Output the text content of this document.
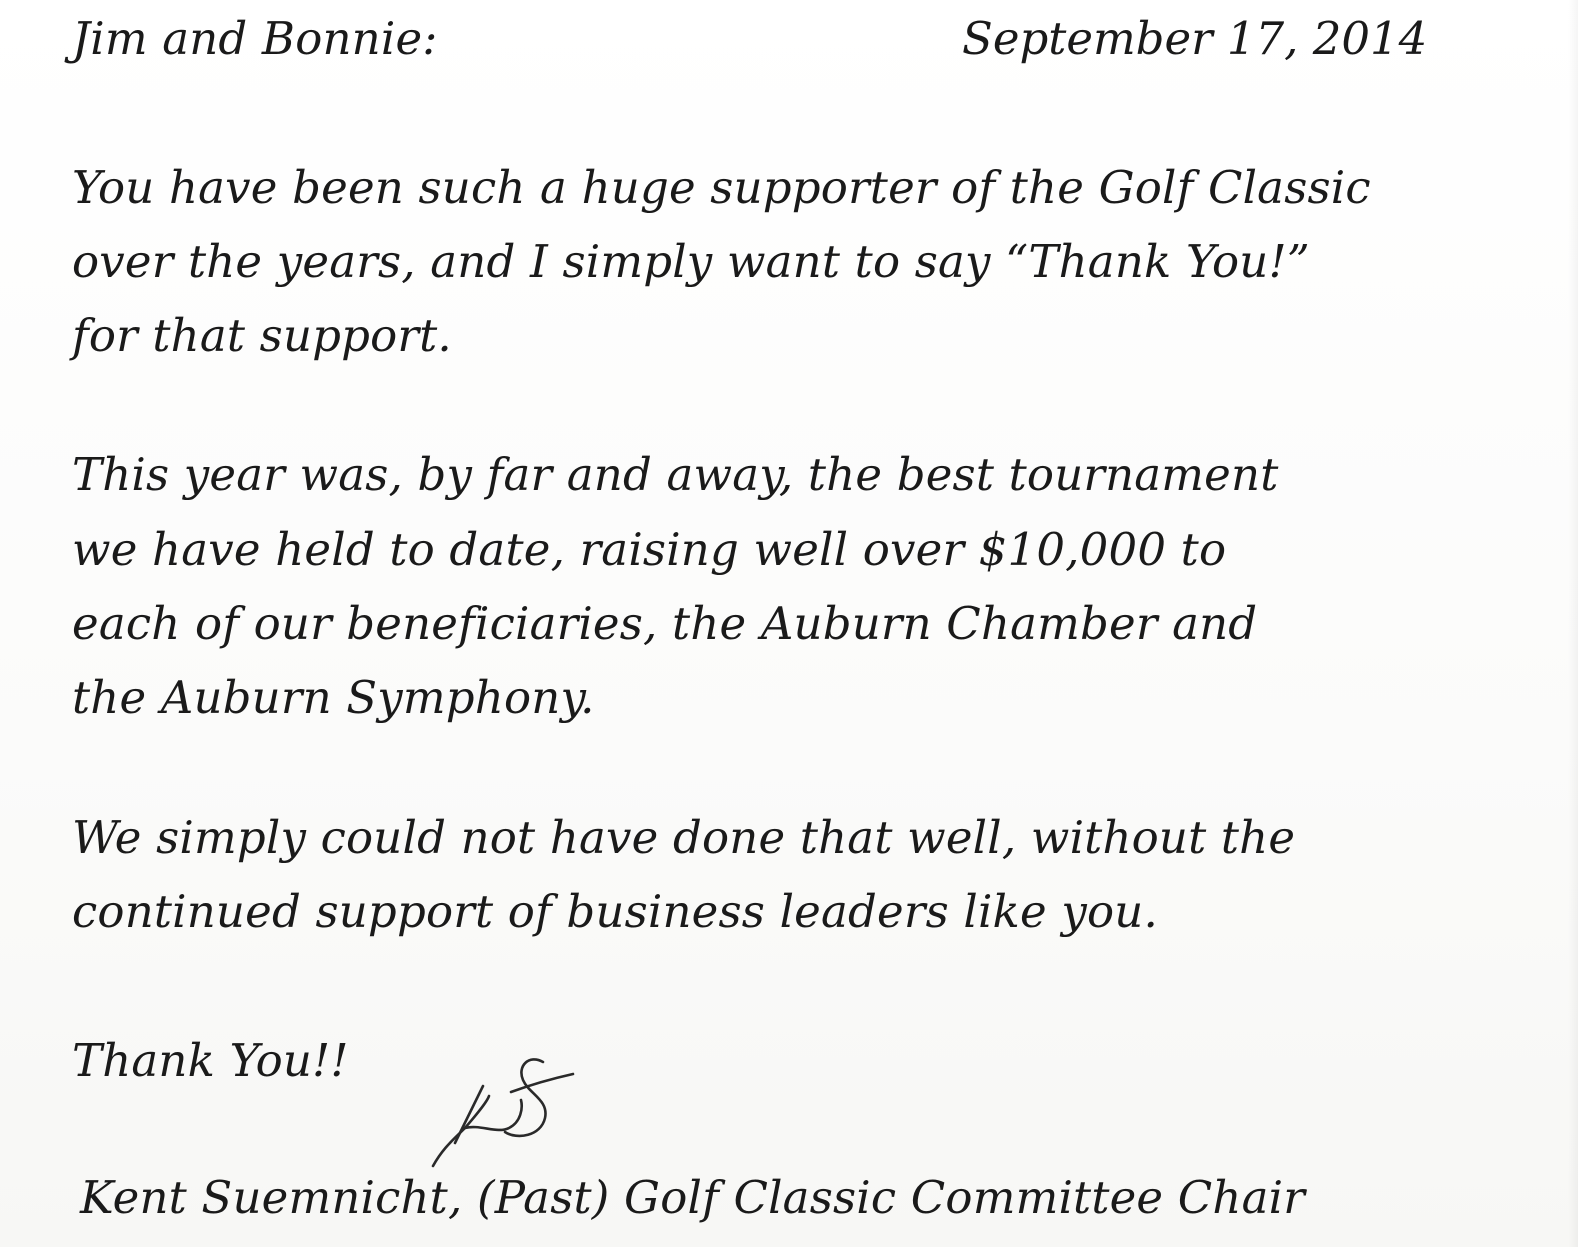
Jim and Bonnie:	September 17, 2014

You have been such a huge supporter of the Golf Classic

over the years, and I simply want to say “Thank You!”

for that support.

This year was, by far and away, the best tournament

we have held to date, raising well over $10,000 to

each of our beneficiaries, the Auburn Chamber and

the Auburn Symphony.

We simply could not have done that well, without the

continued support of business leaders like you.

Thank You!!

Kent Suemnicht, (Past) Golf Classic Committee Chair
